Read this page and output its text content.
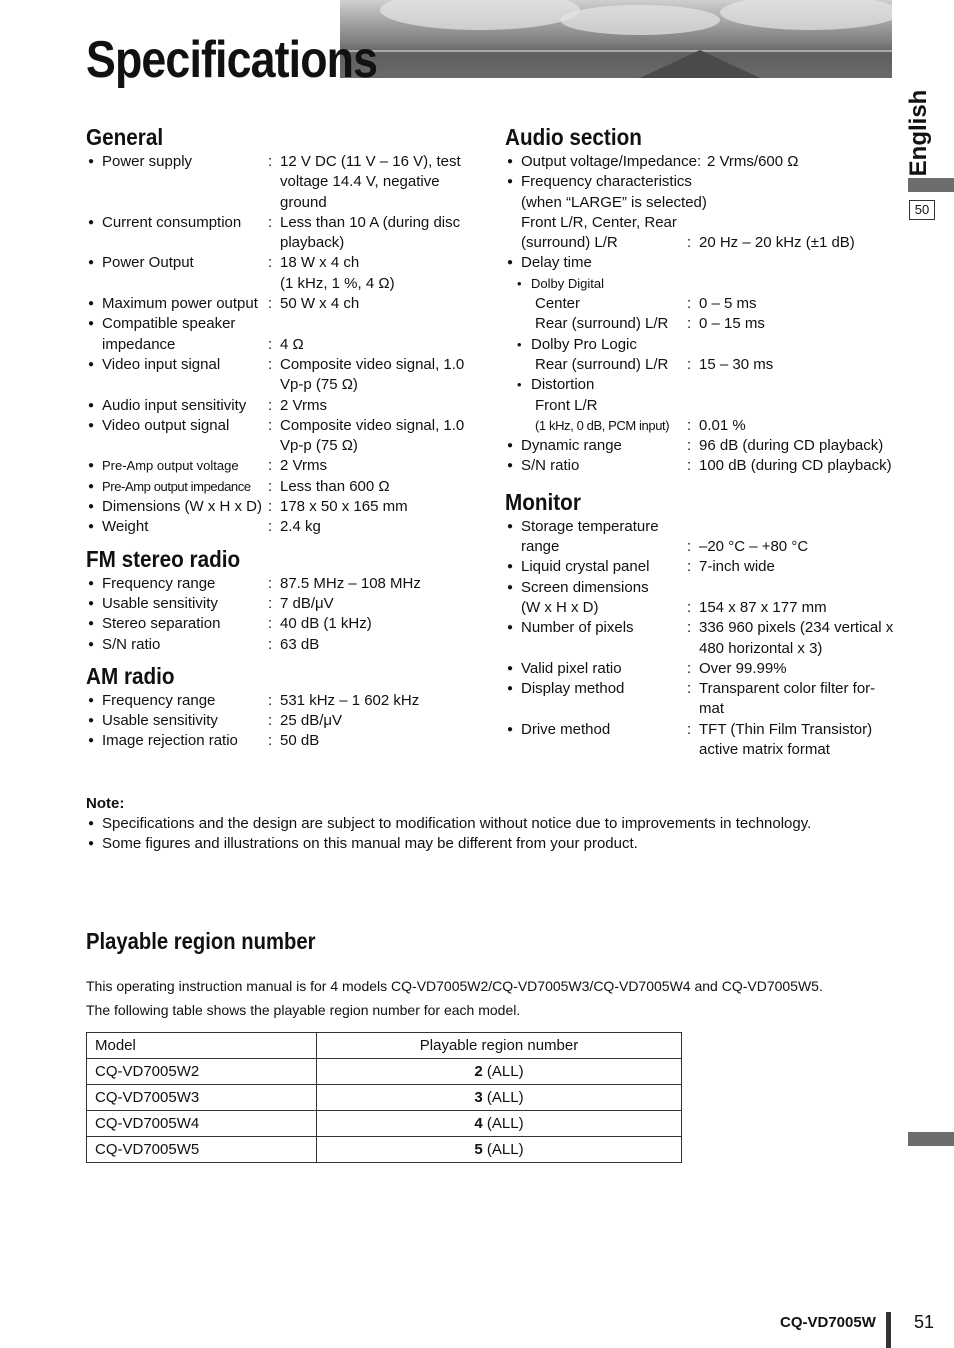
Specifications
English
50
General
● Power supply	: 12 V DC (11 V – 16 V), test voltage 14.4 V, negative ground
● Current consumption	: Less than 10 A (during disc playback)
● Power Output	: 18 W x 4 ch
(1 kHz, 1 %, 4 Ω)
● Maximum power output : 50 W x 4 ch
● Compatible speaker
impedance	: 4 Ω
● Video input signal	: Composite video signal, 1.0 Vp-p (75 Ω)
● Audio input sensitivity	: 2 Vrms
● Video output signal	: Composite video signal, 1.0 Vp-p (75 Ω)
● Pre-Amp output voltage	: 2 Vrms
● Pre-Amp output impedance	: Less than 600 Ω
● Dimensions (W x H x D) : 178 x 50 x 165 mm
● Weight	: 2.4 kg
FM stereo radio
● Frequency range	: 87.5 MHz – 108 MHz
● Usable sensitivity	: 7 dB/μV
● Stereo separation	: 40 dB (1 kHz)
● S/N ratio	: 63 dB
AM radio
● Frequency range	: 531 kHz – 1 602 kHz
● Usable sensitivity	: 25 dB/μV
● Image rejection ratio	: 50 dB
Audio section
● Output voltage/Impedance : 2 Vrms/600 Ω
● Frequency characteristics
(when “LARGE” is selected)
Front L/R, Center, Rear
(surround) L/R	: 20 Hz – 20 kHz (±1 dB)
● Delay time
• Dolby Digital
Center	: 0 – 5 ms
Rear (surround) L/R	: 0 – 15 ms
• Dolby Pro Logic
Rear (surround) L/R	: 15 – 30 ms
• Distortion
Front L/R
(1 kHz, 0 dB, PCM input)	: 0.01 %
● Dynamic range	: 96 dB (during CD playback)
● S/N ratio	: 100 dB (during CD playback)
Monitor
● Storage temperature
range	: –20 °C – +80 °C
● Liquid crystal panel	: 7-inch wide
● Screen dimensions
(W x H x D)	: 154 x 87 x 177 mm
● Number of pixels	: 336 960 pixels (234 vertical x 480 horizontal x 3)
● Valid pixel ratio	: Over 99.99%
● Display method	: Transparent color filter for-mat
● Drive method	: TFT (Thin Film Transistor) active matrix format
Note:
● Specifications and the design are subject to modification without notice due to improvements in technology.
● Some figures and illustrations on this manual may be different from your product.
Playable region number
This operating instruction manual is for 4 models CQ-VD7005W2/CQ-VD7005W3/CQ-VD7005W4 and CQ-VD7005W5.
The following table shows the playable region number for each model.
Model	Playable region number
CQ-VD7005W2	2 (ALL)
CQ-VD7005W3	3 (ALL)
CQ-VD7005W4	4 (ALL)
CQ-VD7005W5	5 (ALL)
CQ-VD7005W 51
